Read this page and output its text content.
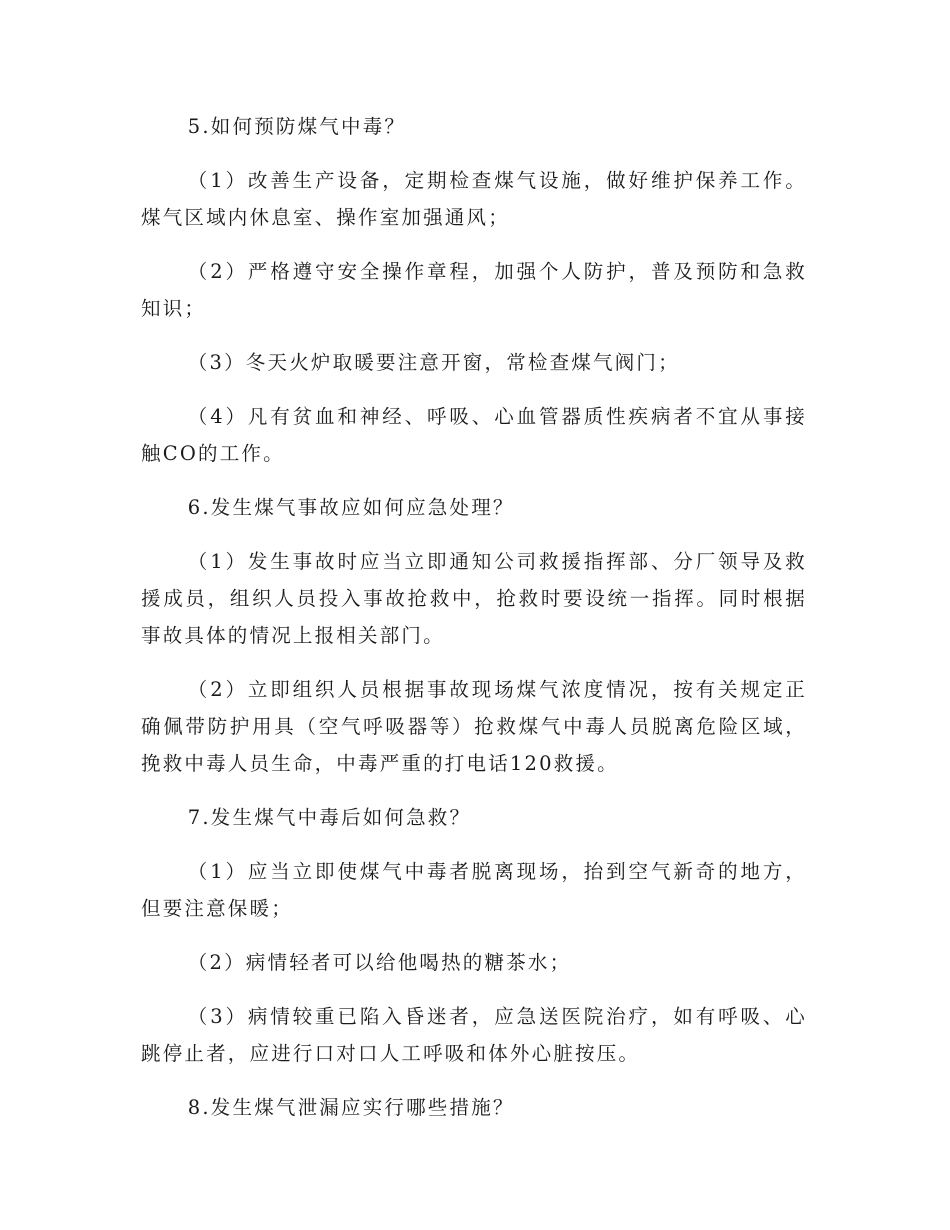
5.如何预防煤气中毒？

（1）改善生产设备，定期检查煤气设施，做好维护保养工作。煤气区域内休息室、操作室加强通风；

（2）严格遵守安全操作章程，加强个人防护，普及预防和急救知识；

（3）冬天火炉取暖要注意开窗，常检查煤气阀门；

（4）凡有贫血和神经、呼吸、心血管器质性疾病者不宜从事接触CO的工作。

6.发生煤气事故应如何应急处理？

（1）发生事故时应当立即通知公司救援指挥部、分厂领导及救援成员，组织人员投入事故抢救中，抢救时要设统一指挥。同时根据事故具体的情况上报相关部门。

（2）立即组织人员根据事故现场煤气浓度情况，按有关规定正确佩带防护用具（空气呼吸器等）抢救煤气中毒人员脱离危险区域，挽救中毒人员生命，中毒严重的打电话120救援。

7.发生煤气中毒后如何急救？

（1）应当立即使煤气中毒者脱离现场，抬到空气新奇的地方，但要注意保暖；

（2）病情轻者可以给他喝热的糖茶水；

（3）病情较重已陷入昏迷者，应急送医院治疗，如有呼吸、心跳停止者，应进行口对口人工呼吸和体外心脏按压。

8.发生煤气泄漏应实行哪些措施？
